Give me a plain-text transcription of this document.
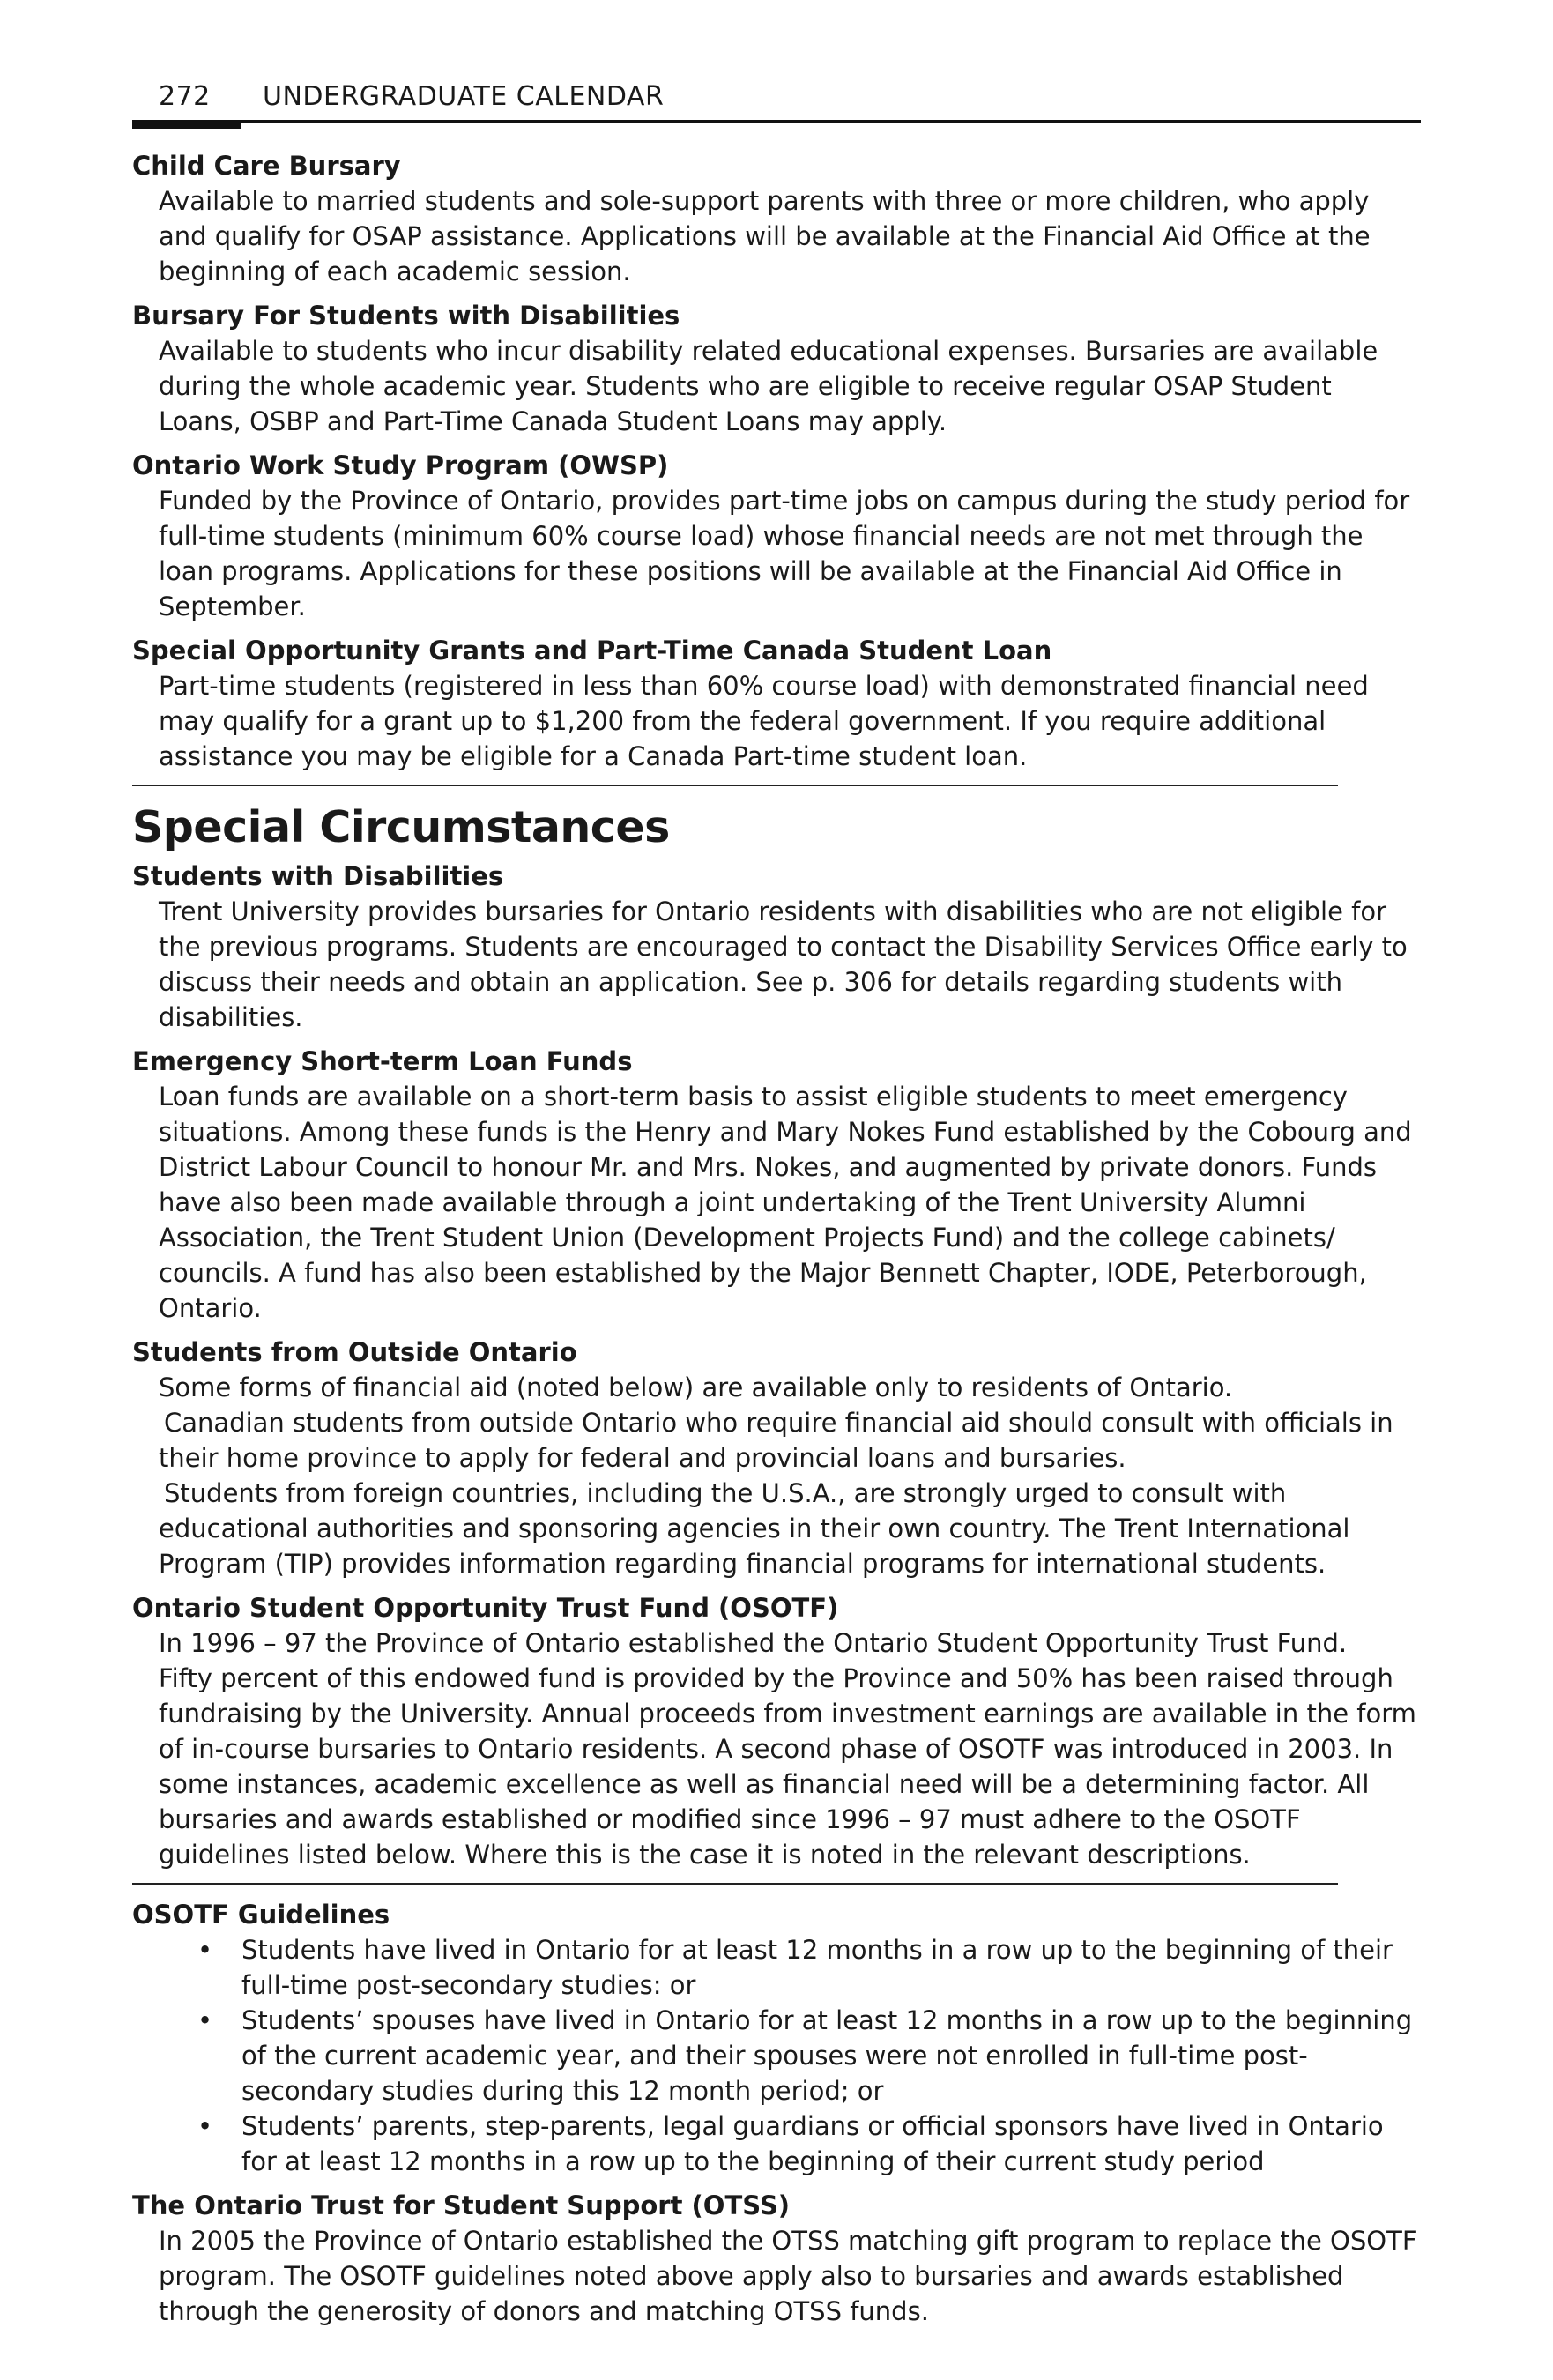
272 UNDERGRADUATE CALENDAR
Child Care Bursary

Available to married students and sole-support parents with three or more children, who apply and qualify for OSAP assistance. Applications will be available at the Financial Aid Office at the beginning of each academic session.

Bursary For Students with Disabilities

Available to students who incur disability related educational expenses. Bursaries are available during the whole academic year. Students who are eligible to receive regular OSAP Student Loans, OSBP and Part-Time Canada Student Loans may apply.

Ontario Work Study Program (OWSP)

Funded by the Province of Ontario, provides part-time jobs on campus during the study period for full-time students (minimum 60% course load) whose financial needs are not met through the loan programs. Applications for these positions will be available at the Financial Aid Office in September.

Special Opportunity Grants and Part-Time Canada Student Loan

Part-time students (registered in less than 60% course load) with demonstrated financial need may qualify for a grant up to $1,200 from the federal government. If you require additional assistance you may be eligible for a Canada Part-time student loan.

Special Circumstances
Students with Disabilities

Trent University provides bursaries for Ontario residents with disabilities who are not eligible for the previous programs. Students are encouraged to contact the Disability Services Office early to discuss their needs and obtain an application. See p. 306 for details regarding students with disabilities.

Emergency Short-term Loan Funds

Loan funds are available on a short-term basis to assist eligible students to meet emergency situations. Among these funds is the Henry and Mary Nokes Fund established by the Cobourg and District Labour Council to honour Mr. and Mrs. Nokes, and augmented by private donors. Funds have also been made available through a joint undertaking of the Trent University Alumni Association, the Trent Student Union (Development Projects Fund) and the college cabinets/ councils. A fund has also been established by the Major Bennett Chapter, IODE, Peterborough, Ontario.

Students from Outside Ontario

Some forms of financial aid (noted below) are available only to residents of Ontario.

Canadian students from outside Ontario who require financial aid should consult with officials in their home province to apply for federal and provincial loans and bursaries.

Students from foreign countries, including the U.S.A., are strongly urged to consult with educational authorities and sponsoring agencies in their own country. The Trent International Program (TIP) provides information regarding financial programs for international students.

Ontario Student Opportunity Trust Fund (OSOTF)

In 1996 – 97 the Province of Ontario established the Ontario Student Opportunity Trust Fund.

Fifty percent of this endowed fund is provided by the Province and 50% has been raised through fundraising by the University. Annual proceeds from investment earnings are available in the form of in-course bursaries to Ontario residents. A second phase of OSOTF was introduced in 2003. In some instances, academic excellence as well as financial need will be a determining factor. All bursaries and awards established or modified since 1996 – 97 must adhere to the OSOTF guidelines listed below. Where this is the case it is noted in the relevant descriptions.

OSOTF Guidelines
• Students have lived in Ontario for at least 12 months in a row up to the beginning of their full-time post-secondary studies: or
• Students’ spouses have lived in Ontario for at least 12 months in a row up to the beginning of the current academic year, and their spouses were not enrolled in full-time post-secondary studies during this 12 month period; or
• Students’ parents, step-parents, legal guardians or official sponsors have lived in Ontario for at least 12 months in a row up to the beginning of their current study period
The Ontario Trust for Student Support (OTSS)

In 2005 the Province of Ontario established the OTSS matching gift program to replace the OSOTF program. The OSOTF guidelines noted above apply also to bursaries and awards established through the generosity of donors and matching OTSS funds.
